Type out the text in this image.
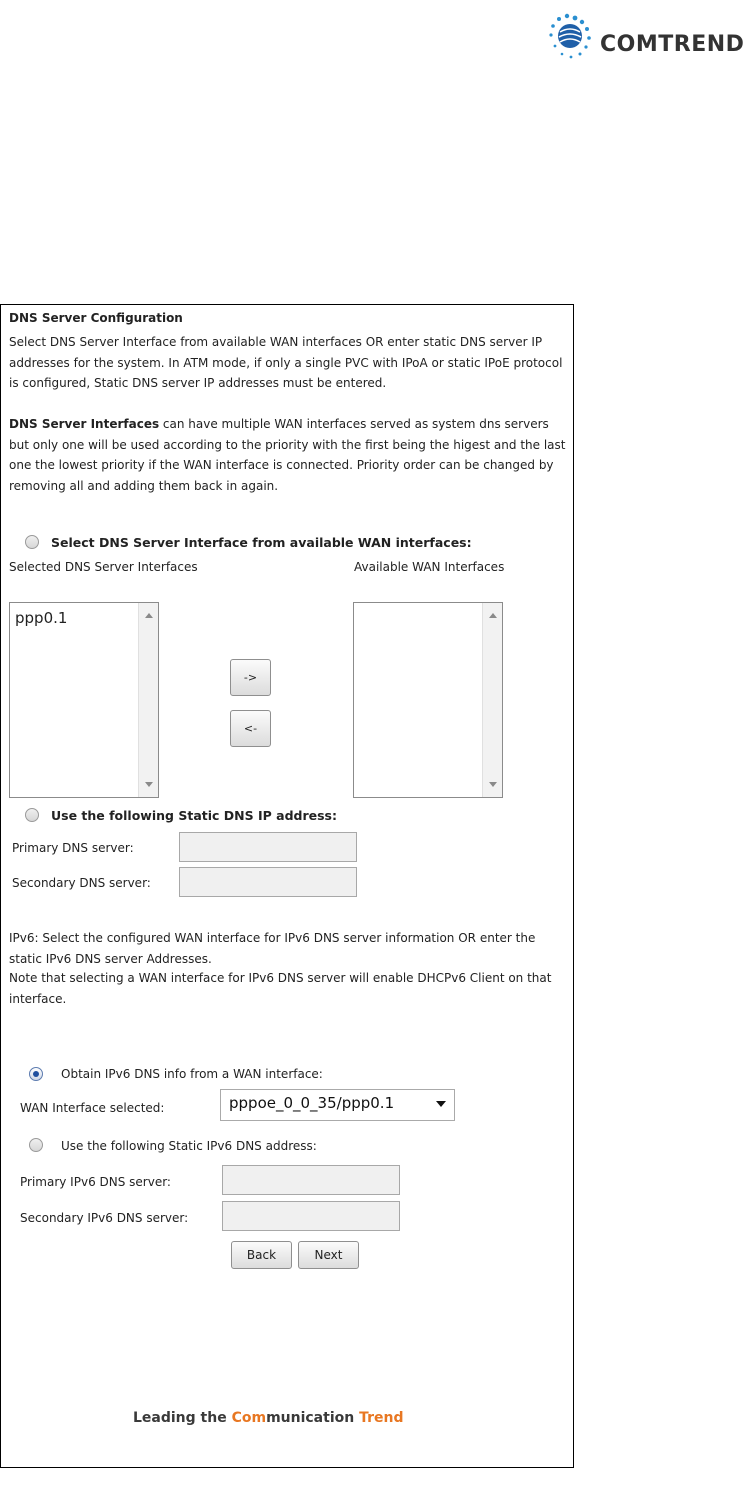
COMTREND
DNS Server Configuration
Select DNS Server Interface from available WAN interfaces OR enter static DNS server IP addresses for the system. In ATM mode, if only a single PVC with IPoA or static IPoE protocol is configured, Static DNS server IP addresses must be entered.
DNS Server Interfaces can have multiple WAN interfaces served as system dns servers but only one will be used according to the priority with the first being the higest and the last one the lowest priority if the WAN interface is connected. Priority order can be changed by removing all and adding them back in again.
Select DNS Server Interface from available WAN interfaces:
Selected DNS Server Interfaces	Available WAN Interfaces
ppp0.1
->
<-
Use the following Static DNS IP address:
Primary DNS server:
Secondary DNS server:
IPv6: Select the configured WAN interface for IPv6 DNS server information OR enter the static IPv6 DNS server Addresses.
Note that selecting a WAN interface for IPv6 DNS server will enable DHCPv6 Client on that interface.
Obtain IPv6 DNS info from a WAN interface:
WAN Interface selected:	pppoe_0_0_35/ppp0.1
Use the following Static IPv6 DNS address:
Primary IPv6 DNS server:
Secondary IPv6 DNS server:
Back	Next
Leading the Communication Trend
